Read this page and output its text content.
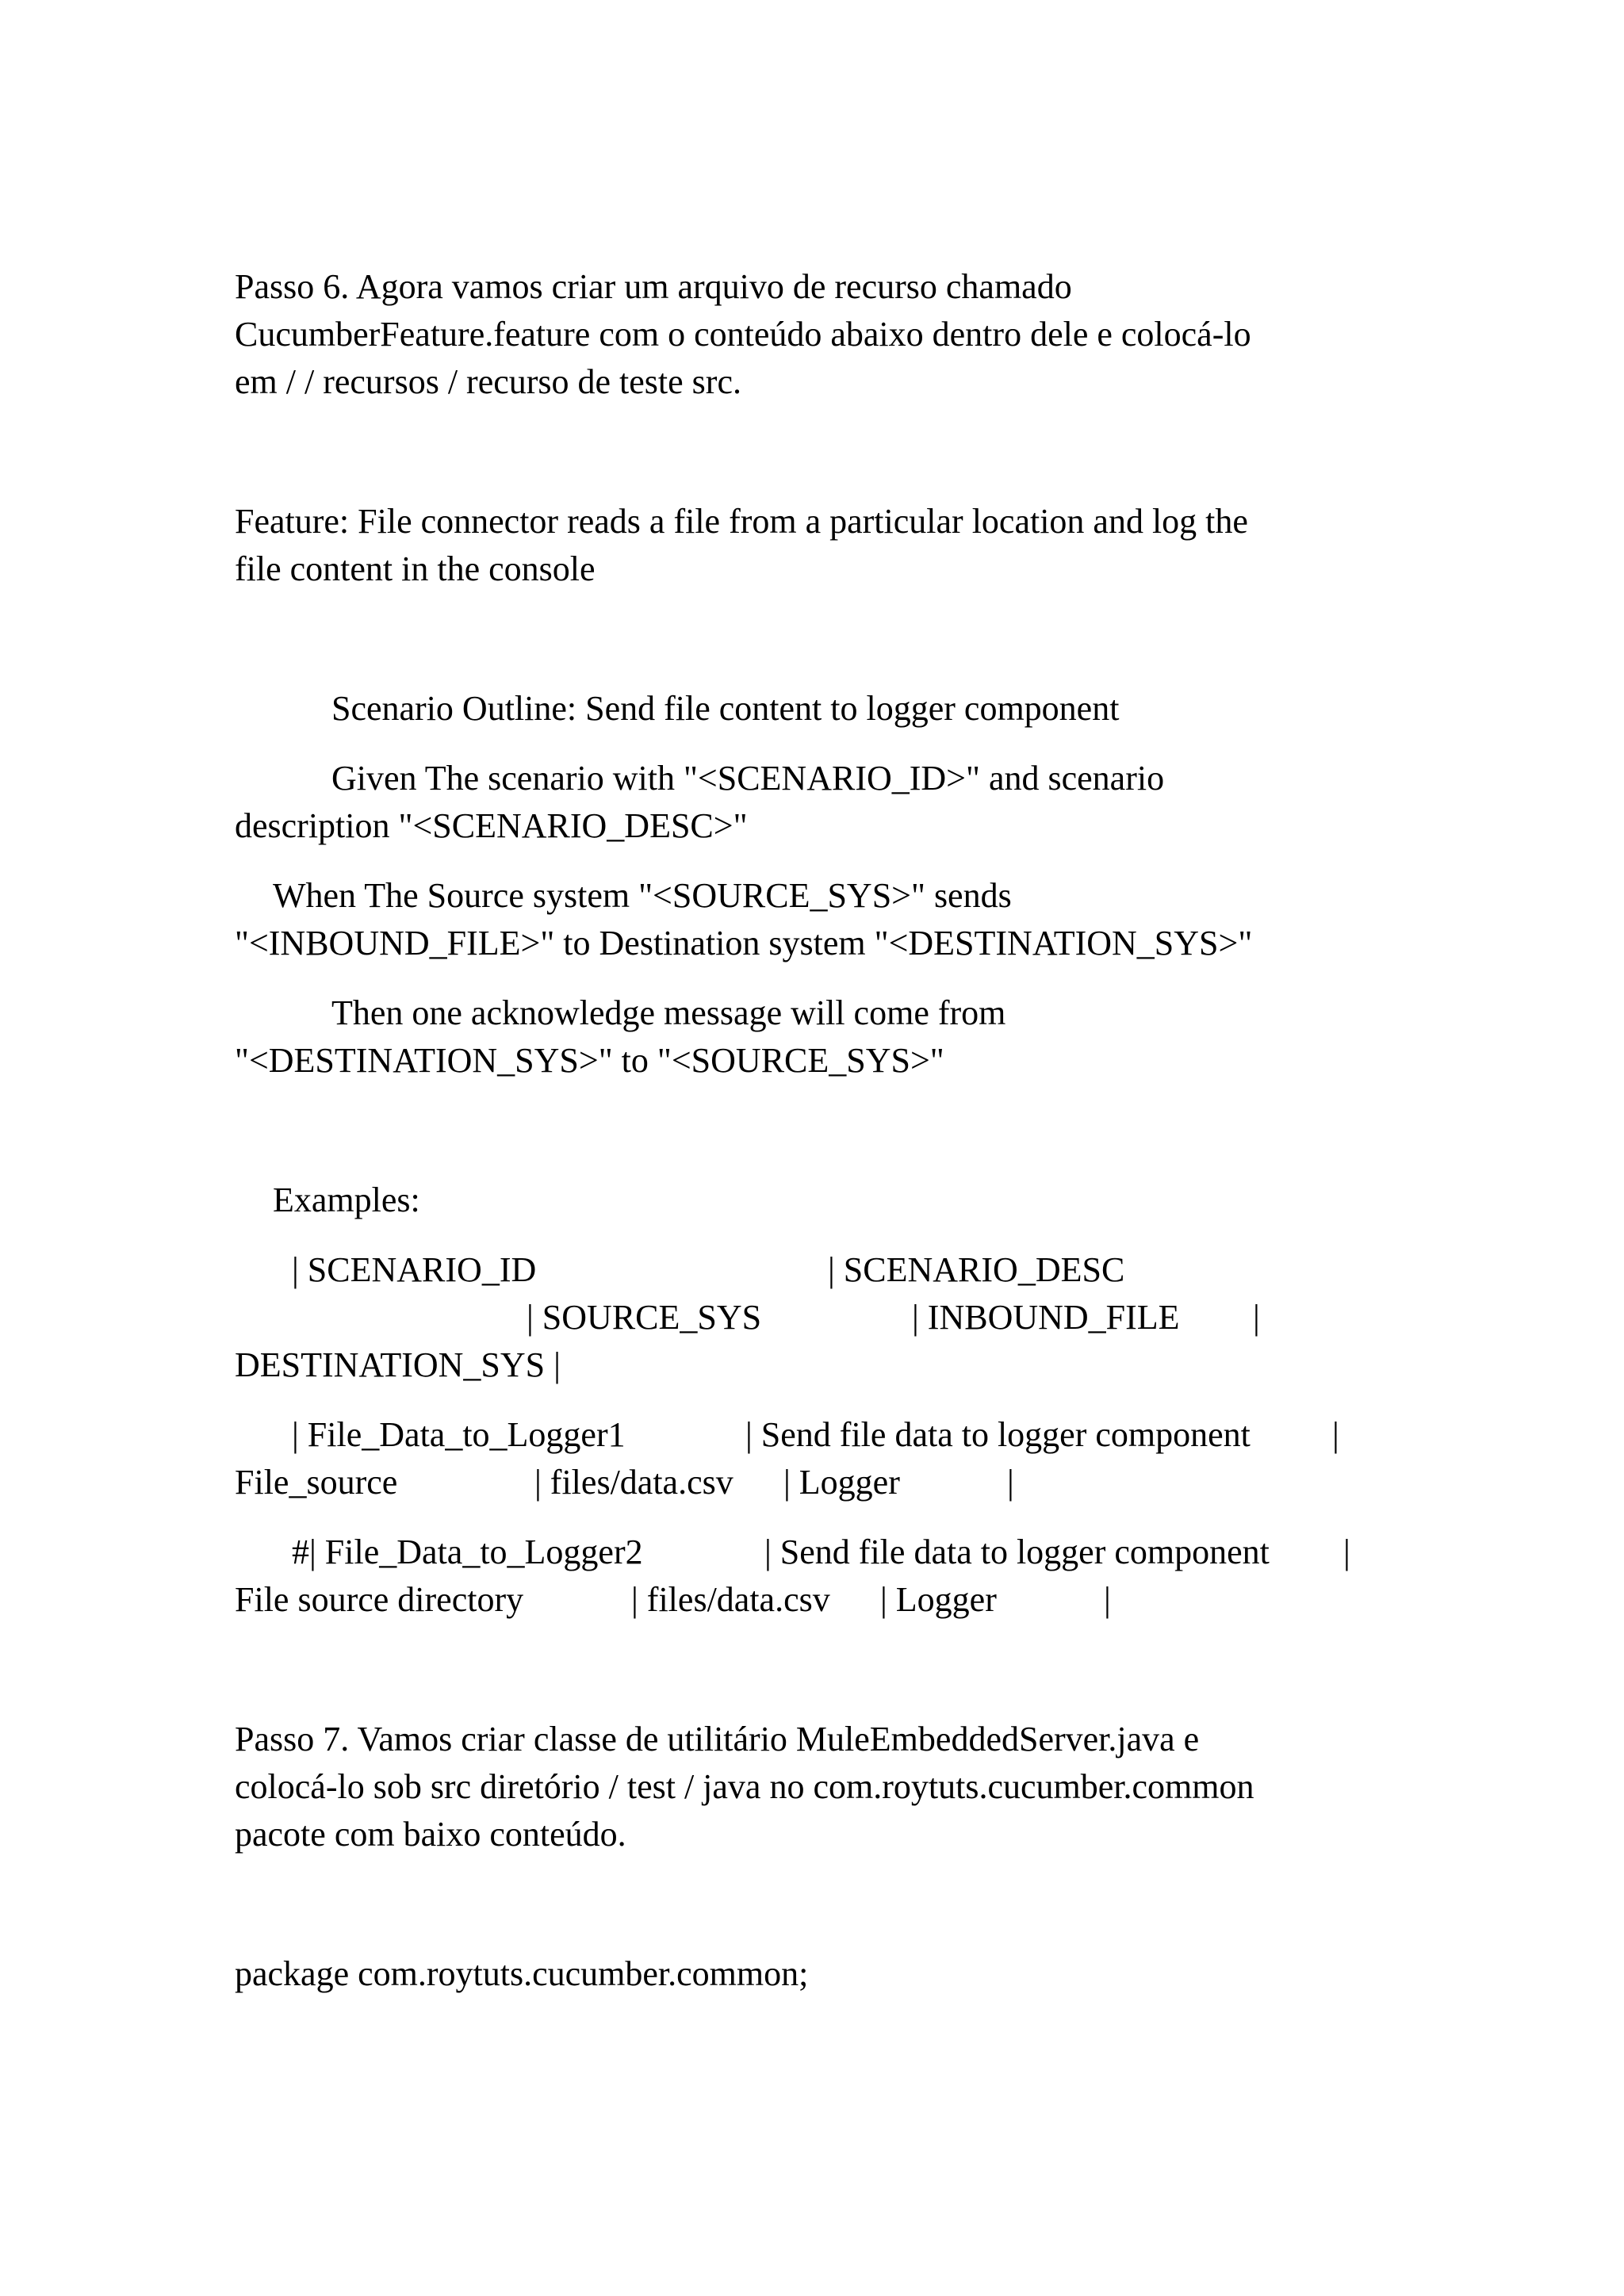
Passo 6. Agora vamos criar um arquivo de recurso chamado

CucumberFeature.feature com o conteúdo abaixo dentro dele e colocá-lo

em / / recursos / recurso de teste src.

Feature: File connector reads a file from a particular location and log the

file content in the console

Scenario Outline: Send file content to logger component

Given The scenario with "<SCENARIO_ID>" and scenario

description "<SCENARIO_DESC>"

When The Source system "<SOURCE_SYS>" sends

"<INBOUND_FILE>" to Destination system "<DESTINATION_SYS>"

Then one acknowledge message will come from

"<DESTINATION_SYS>" to "<SOURCE_SYS>"

Examples:

| SCENARIO_ID	| SCENARIO_DESC

| SOURCE_SYS	| INBOUND_FILE |

DESTINATION_SYS |

| File_Data_to_Logger1	| Send file data to logger component |

File_source	| files/data.csv | Logger	|

#| File_Data_to_Logger2	| Send file data to logger component |

File source directory	| files/data.csv | Logger	|

Passo 7. Vamos criar classe de utilitário MuleEmbeddedServer.java e

colocá-lo sob src diretório / test / java no com.roytuts.cucumber.common

pacote com baixo conteúdo.

package com.roytuts.cucumber.common;
